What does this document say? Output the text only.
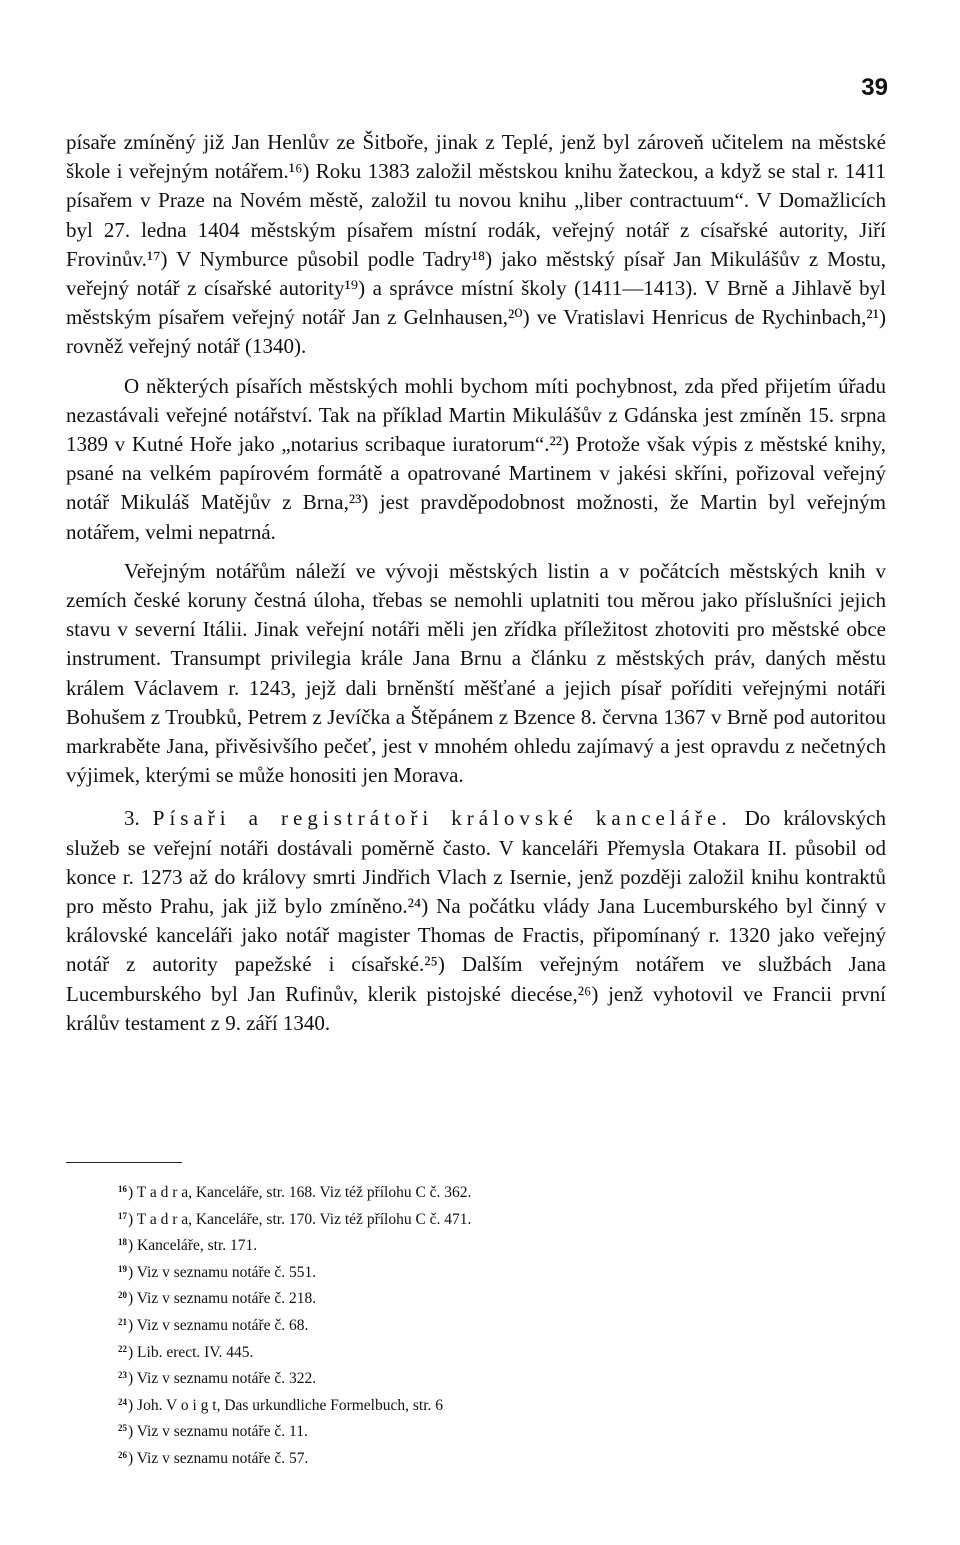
39

písaře zmíněný již Jan Henlův ze Šitboře, jinak z Teplé, jenž byl zároveň učitelem na městské škole i veřejným notářem.¹⁶) Roku 1383 založil městskou knihu žateckou, a když se stal r. 1411 písařem v Praze na Novém městě, založil tu novou knihu „liber contractuum“. V Domažlicích byl 27. ledna 1404 městským písařem místní rodák, veřejný notář z císařské autority, Jiří Frovinův.¹⁷) V Nymburce působil podle Tadry¹⁸) jako městský písař Jan Mikulášův z Mostu, veřejný notář z císařské autority¹⁹) a správce místní školy (1411—1413). V Brně a Jihlavě byl městským písařem veřejný notář Jan z Gelnhausen,²⁰) ve Vratislavi Henricus de Rychinbach,²¹) rovněž veřejný notář (1340).

O některých písařích městských mohli bychom míti pochybnost, zda před přijetím úřadu nezastávali veřejné notářství. Tak na příklad Martin Mikulášův z Gdánska jest zmíněn 15. srpna 1389 v Kutné Hoře jako „notarius scribaque iuratorum“.²²) Protože však výpis z městské knihy, psané na velkém papírovém formátě a opatrované Martinem v jakési skříni, pořizoval veřejný notář Mikuláš Matějův z Brna,²³) jest pravděpodobnost možnosti, že Martin byl veřejným notářem, velmi nepatrná.

Veřejným notářům náleží ve vývoji městských listin a v počátcích městských knih v zemích české koruny čestná úloha, třebas se nemohli uplatniti tou měrou jako příslušníci jejich stavu v severní Itálii. Jinak veřejní notáři měli jen zřídka příležitost zhotoviti pro městské obce instrument. Transumpt privilegia krále Jana Brnu a článku z městských práv, daných městu králem Václavem r. 1243, jejž dali brněnští měšťané a jejich písař poříditi veřejnými notáři Bohušem z Troubků, Petrem z Jevíčka a Štěpánem z Bzence 8. června 1367 v Brně pod autoritou markraběte Jana, přivěsivšího pečeť, jest v mnohém ohledu zajímavý a jest opravdu z nečetných výjimek, kterými se může honositi jen Morava.

3. Písaři a registrátoři královské kanceláře. Do královských služeb se veřejní notáři dostávali poměrně často. V kanceláři Přemysla Otakara II. působil od konce r. 1273 až do královy smrti Jindřich Vlach z Isernie, jenž později založil knihu kontraktů pro město Prahu, jak již bylo zmíněno.²⁴) Na počátku vlády Jana Lucemburského byl činný v královské kanceláři jako notář magister Thomas de Fractis, připomínaný r. 1320 jako veřejný notář z autority papežské i císařské.²⁵) Dalším veřejným notářem ve službách Jana Lucemburského byl Jan Rufinův, klerik pistojské diecése,²⁶) jenž vyhotovil ve Francii první králův testament z 9. září 1340.

$^{16}$) T a d r a, Kanceláře, str. 168. Viz též přílohu C č. 362.
$^{17}$) T a d r a, Kanceláře, str. 170. Viz též přílohu C č. 471.
$^{18}$) Kanceláře, str. 171.
$^{19}$) Viz v seznamu notáře č. 551.
$^{20}$) Viz v seznamu notáře č. 218.
$^{21}$) Viz v seznamu notáře č. 68.
$^{22}$) Lib. erect. IV. 445.
$^{23}$) Viz v seznamu notáře č. 322.
$^{24}$) Joh. V o i g t, Das urkundliche Formelbuch, str. 6
$^{25}$) Viz v seznamu notáře č. 11.
$^{26}$) Viz v seznamu notáře č. 57.
